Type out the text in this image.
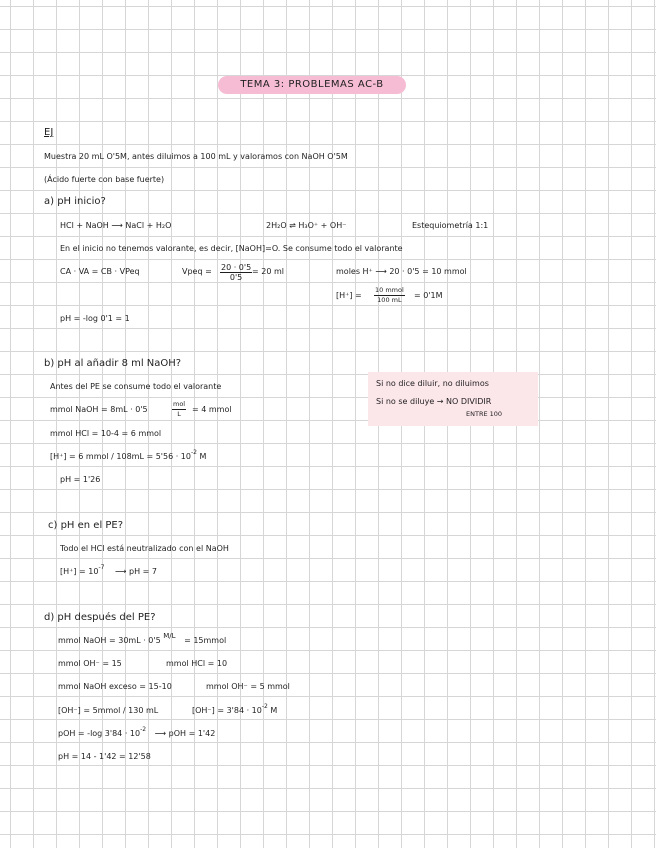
TEMA 3: PROBLEMAS AC-B
EJ
Muestra 20 mL O'5M, antes diluimos a 100 mL y valoramos con NaOH O'5M
(Ácido fuerte con base fuerte)
a) pH inicio?
HCl + NaOH ⟶ NaCl + H₂O	2H₂O ⇌ H₃O⁺ + OH⁻	Estequiometría 1:1
En el inicio no tenemos valorante, es decir, [NaOH]=O. Se consume todo el valorante
CA · VA = CB · VPeq	Vpeq = $\frac{20 \cdot 0'5}{0'5} = 20$ ml	moles H⁺ ⟶ 20 · 0'5 = 10 mmol
[H⁺] =
10 mmol
100 mL	= 0'1M
pH = -log 0'1 = 1
b) pH al añadir 8 ml NaOH?
Antes del PE se consume todo el valorante
mmol NaOH = 8mL · 0'5
mol
L	= 4 mmol
mmol HCl = 10-4 = 6 mmol
[H⁺] = 6 mmol / $108mL = 5'56 \cdot 10^{-2}$ M
pH = 1'26
Si no dice diluir, no diluimos
Si no se diluye → NO DIVIDIR
ENTRE 100
c) pH en el PE?
Todo el HCl está neutralizado con el NaOH
$[H^+] = 10^{-7}$ ⟶ pH = 7
d) pH después del PE?
mmol NaOH = 30mL · 0'5 $^{M/L}$ = 15mmol
mmol OH⁻ = 15	mmol HCl = 10
mmol NaOH exceso = 15-10	mmol OH⁻ = 5 mmol
[OH⁻] = 5mmol / 130 mL	$[OH^-] = 3'84 \cdot 10^{-2}$ M
pOH = -log $3'84 \cdot 10^{-2}$ ⟶ pOH = 1'42
pH = 14 - 1'42 = 12'58
